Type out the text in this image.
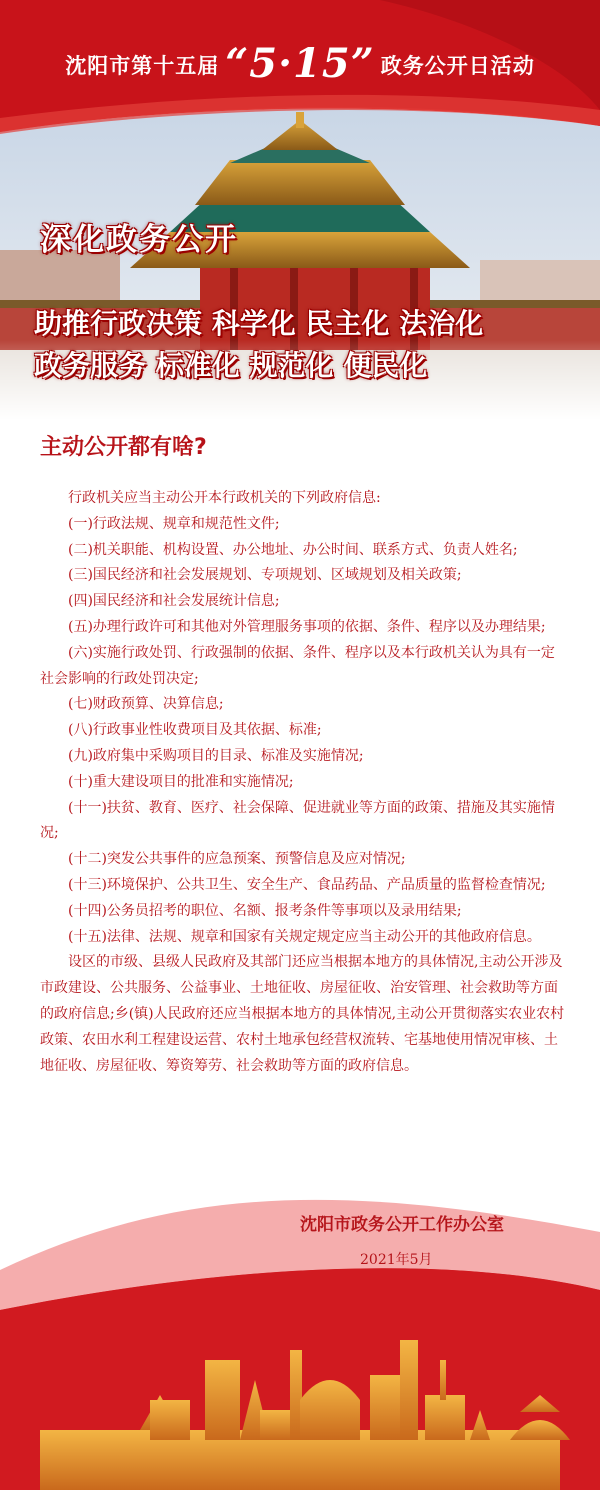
沈阳市第十五届 “5·15” 政务公开日活动
深化政务公开
助推行政决策 科学化 民主化 法治化
政务服务 标准化 规范化 便民化
主动公开都有啥?

行政机关应当主动公开本行政机关的下列政府信息:

(一)行政法规、规章和规范性文件;

(二)机关职能、机构设置、办公地址、办公时间、联系方式、负责人姓名;

(三)国民经济和社会发展规划、专项规划、区域规划及相关政策;

(四)国民经济和社会发展统计信息;

(五)办理行政许可和其他对外管理服务事项的依据、条件、程序以及办理结果;

(六)实施行政处罚、行政强制的依据、条件、程序以及本行政机关认为具有一定社会影响的行政处罚决定;

(七)财政预算、决算信息;

(八)行政事业性收费项目及其依据、标准;

(九)政府集中采购项目的目录、标准及实施情况;

(十)重大建设项目的批准和实施情况;

(十一)扶贫、教育、医疗、社会保障、促进就业等方面的政策、措施及其实施情况;

(十二)突发公共事件的应急预案、预警信息及应对情况;

(十三)环境保护、公共卫生、安全生产、食品药品、产品质量的监督检查情况;

(十四)公务员招考的职位、名额、报考条件等事项以及录用结果;

(十五)法律、法规、规章和国家有关规定规定应当主动公开的其他政府信息。

设区的市级、县级人民政府及其部门还应当根据本地方的具体情况,主动公开涉及市政建设、公共服务、公益事业、土地征收、房屋征收、治安管理、社会救助等方面的政府信息;乡(镇)人民政府还应当根据本地方的具体情况,主动公开贯彻落实农业农村政策、农田水利工程建设运营、农村土地承包经营权流转、宅基地使用情况审核、土地征收、房屋征收、筹资筹劳、社会救助等方面的政府信息。

沈阳市政务公开工作办公室
2021年5月
